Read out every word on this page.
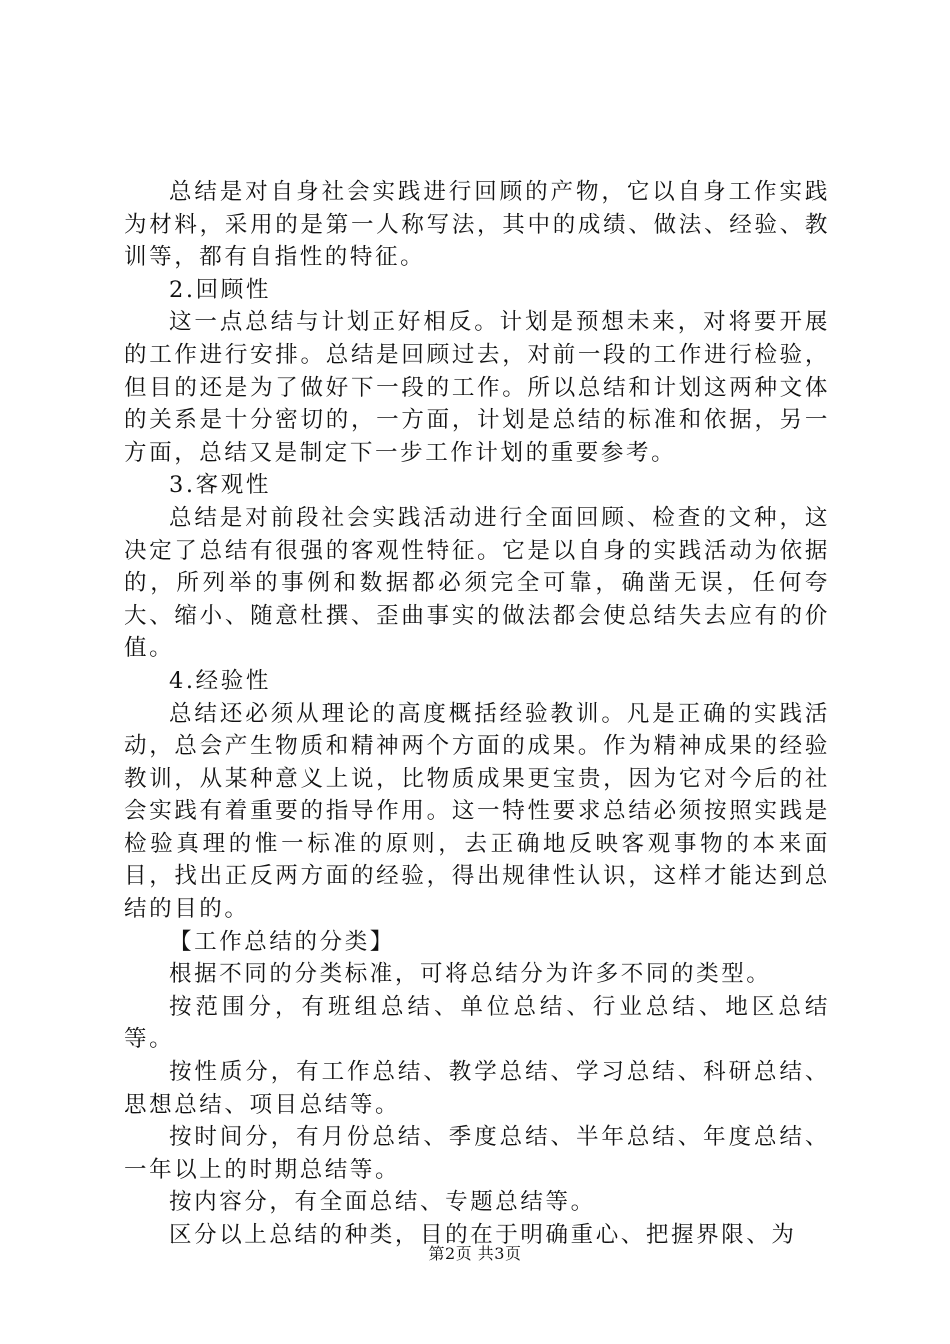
总结是对自身社会实践进行回顾的产物，它以自身工作实践为材料，采用的是第一人称写法，其中的成绩、做法、经验、教训等，都有自指性的特征。

2.回顾性

这一点总结与计划正好相反。计划是预想未来，对将要开展的工作进行安排。总结是回顾过去，对前一段的工作进行检验，但目的还是为了做好下一段的工作。所以总结和计划这两种文体的关系是十分密切的，一方面，计划是总结的标准和依据，另一方面，总结又是制定下一步工作计划的重要参考。

3.客观性

总结是对前段社会实践活动进行全面回顾、检查的文种，这决定了总结有很强的客观性特征。它是以自身的实践活动为依据的，所列举的事例和数据都必须完全可靠，确凿无误，任何夸大、缩小、随意杜撰、歪曲事实的做法都会使总结失去应有的价值。

4.经验性

总结还必须从理论的高度概括经验教训。凡是正确的实践活动，总会产生物质和精神两个方面的成果。作为精神成果的经验教训，从某种意义上说，比物质成果更宝贵，因为它对今后的社会实践有着重要的指导作用。这一特性要求总结必须按照实践是检验真理的惟一标准的原则，去正确地反映客观事物的本来面目，找出正反两方面的经验，得出规律性认识，这样才能达到总结的目的。

【工作总结的分类】

根据不同的分类标准，可将总结分为许多不同的类型。

按范围分，有班组总结、单位总结、行业总结、地区总结等。

按性质分，有工作总结、教学总结、学习总结、科研总结、思想总结、项目总结等。

按时间分，有月份总结、季度总结、半年总结、年度总结、一年以上的时期总结等。

按内容分，有全面总结、专题总结等。

区分以上总结的种类，目的在于明确重心、把握界限、为

第2页 共3页
